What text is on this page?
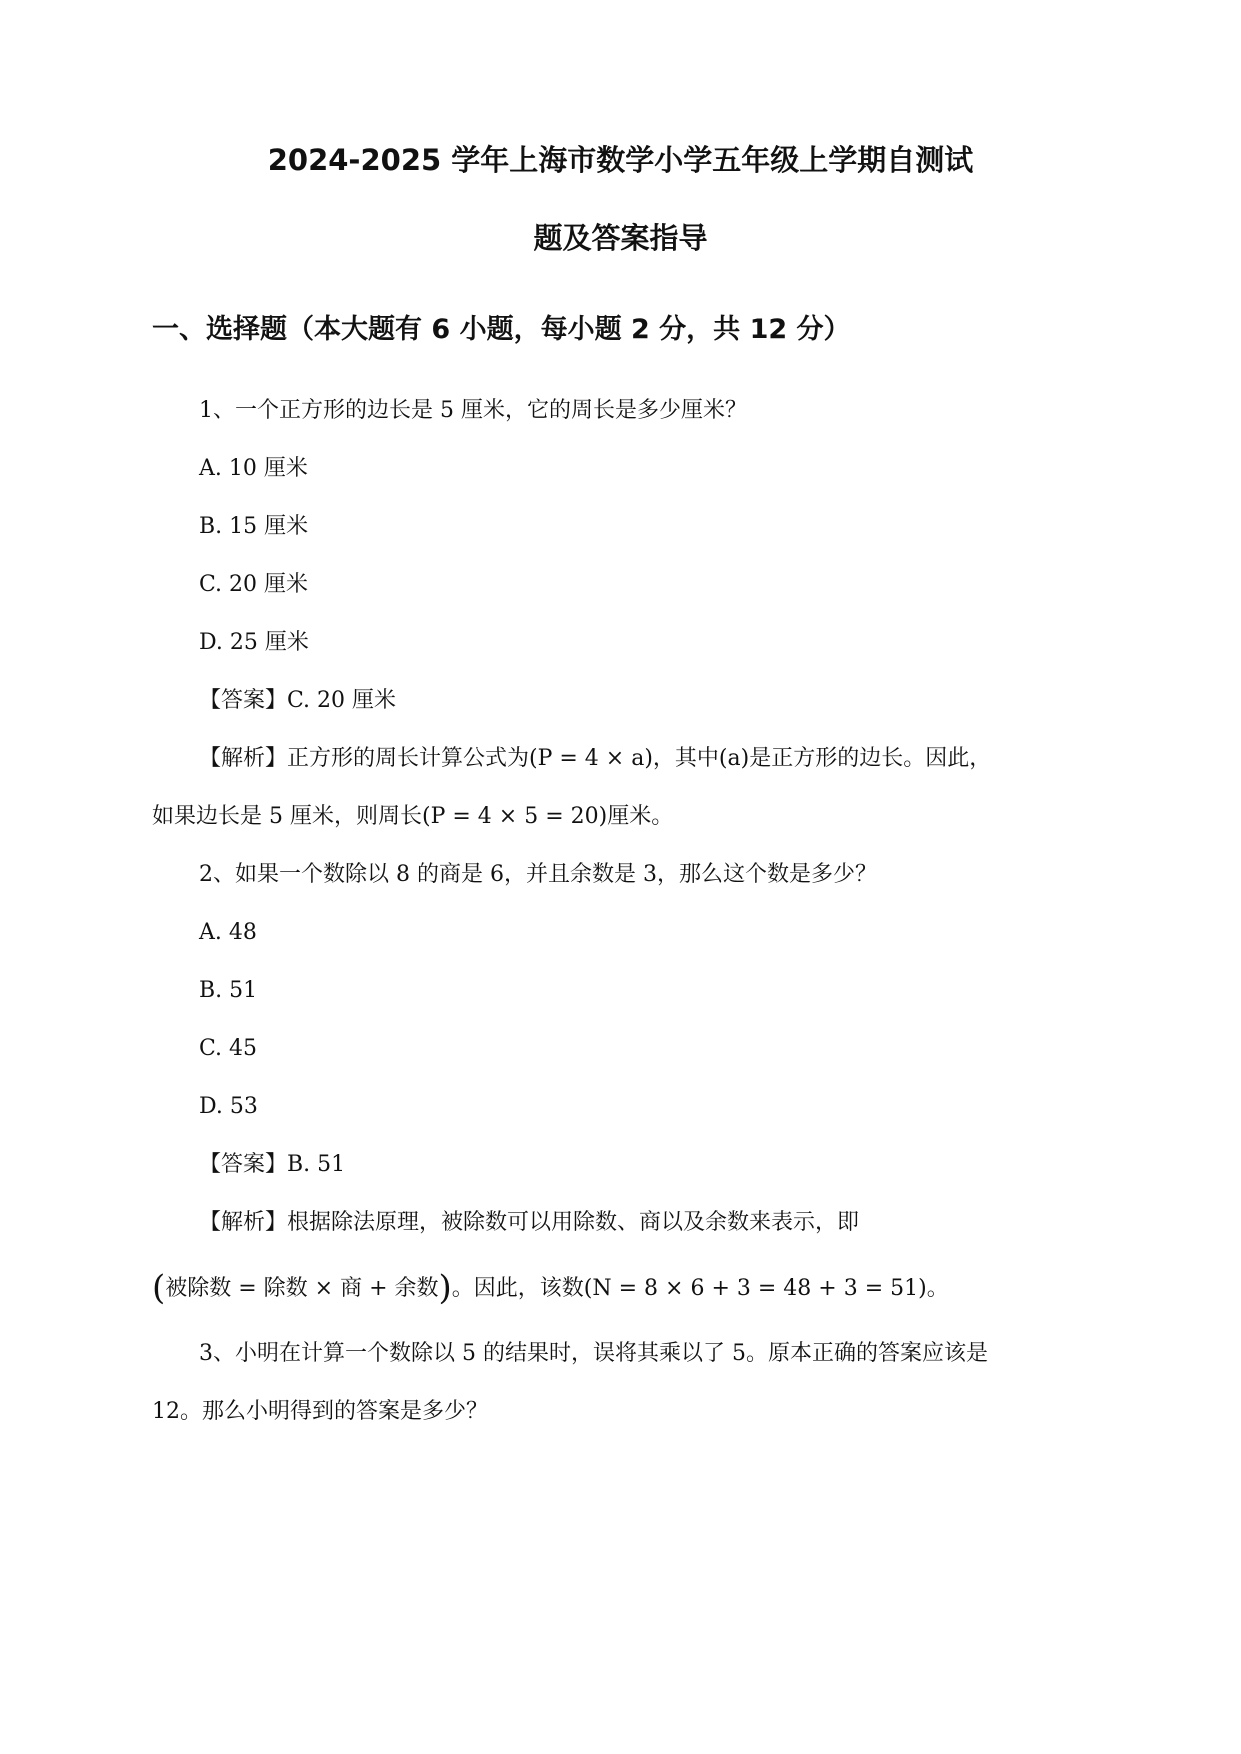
2024-2025 学年上海市数学小学五年级上学期自测试
题及答案指导
一、选择题（本大题有 6 小题，每小题 2 分，共 12 分）
1、一个正方形的边长是 5 厘米，它的周长是多少厘米？
A. 10 厘米
B. 15 厘米
C. 20 厘米
D. 25 厘米
【答案】C. 20 厘米
【解析】正方形的周长计算公式为(P = 4 × a)，其中(a)是正方形的边长。因此，
如果边长是 5 厘米，则周长(P = 4 × 5 = 20)厘米。
2、如果一个数除以 8 的商是 6，并且余数是 3，那么这个数是多少？
A. 48
B. 51
C. 45
D. 53
【答案】B. 51
【解析】根据除法原理，被除数可以用除数、商以及余数来表示，即
(被除数 = 除数 × 商 + 余数)。因此，该数(N = 8 × 6 + 3 = 48 + 3 = 51)。
3、小明在计算一个数除以 5 的结果时，误将其乘以了 5。原本正确的答案应该是
12。那么小明得到的答案是多少？
